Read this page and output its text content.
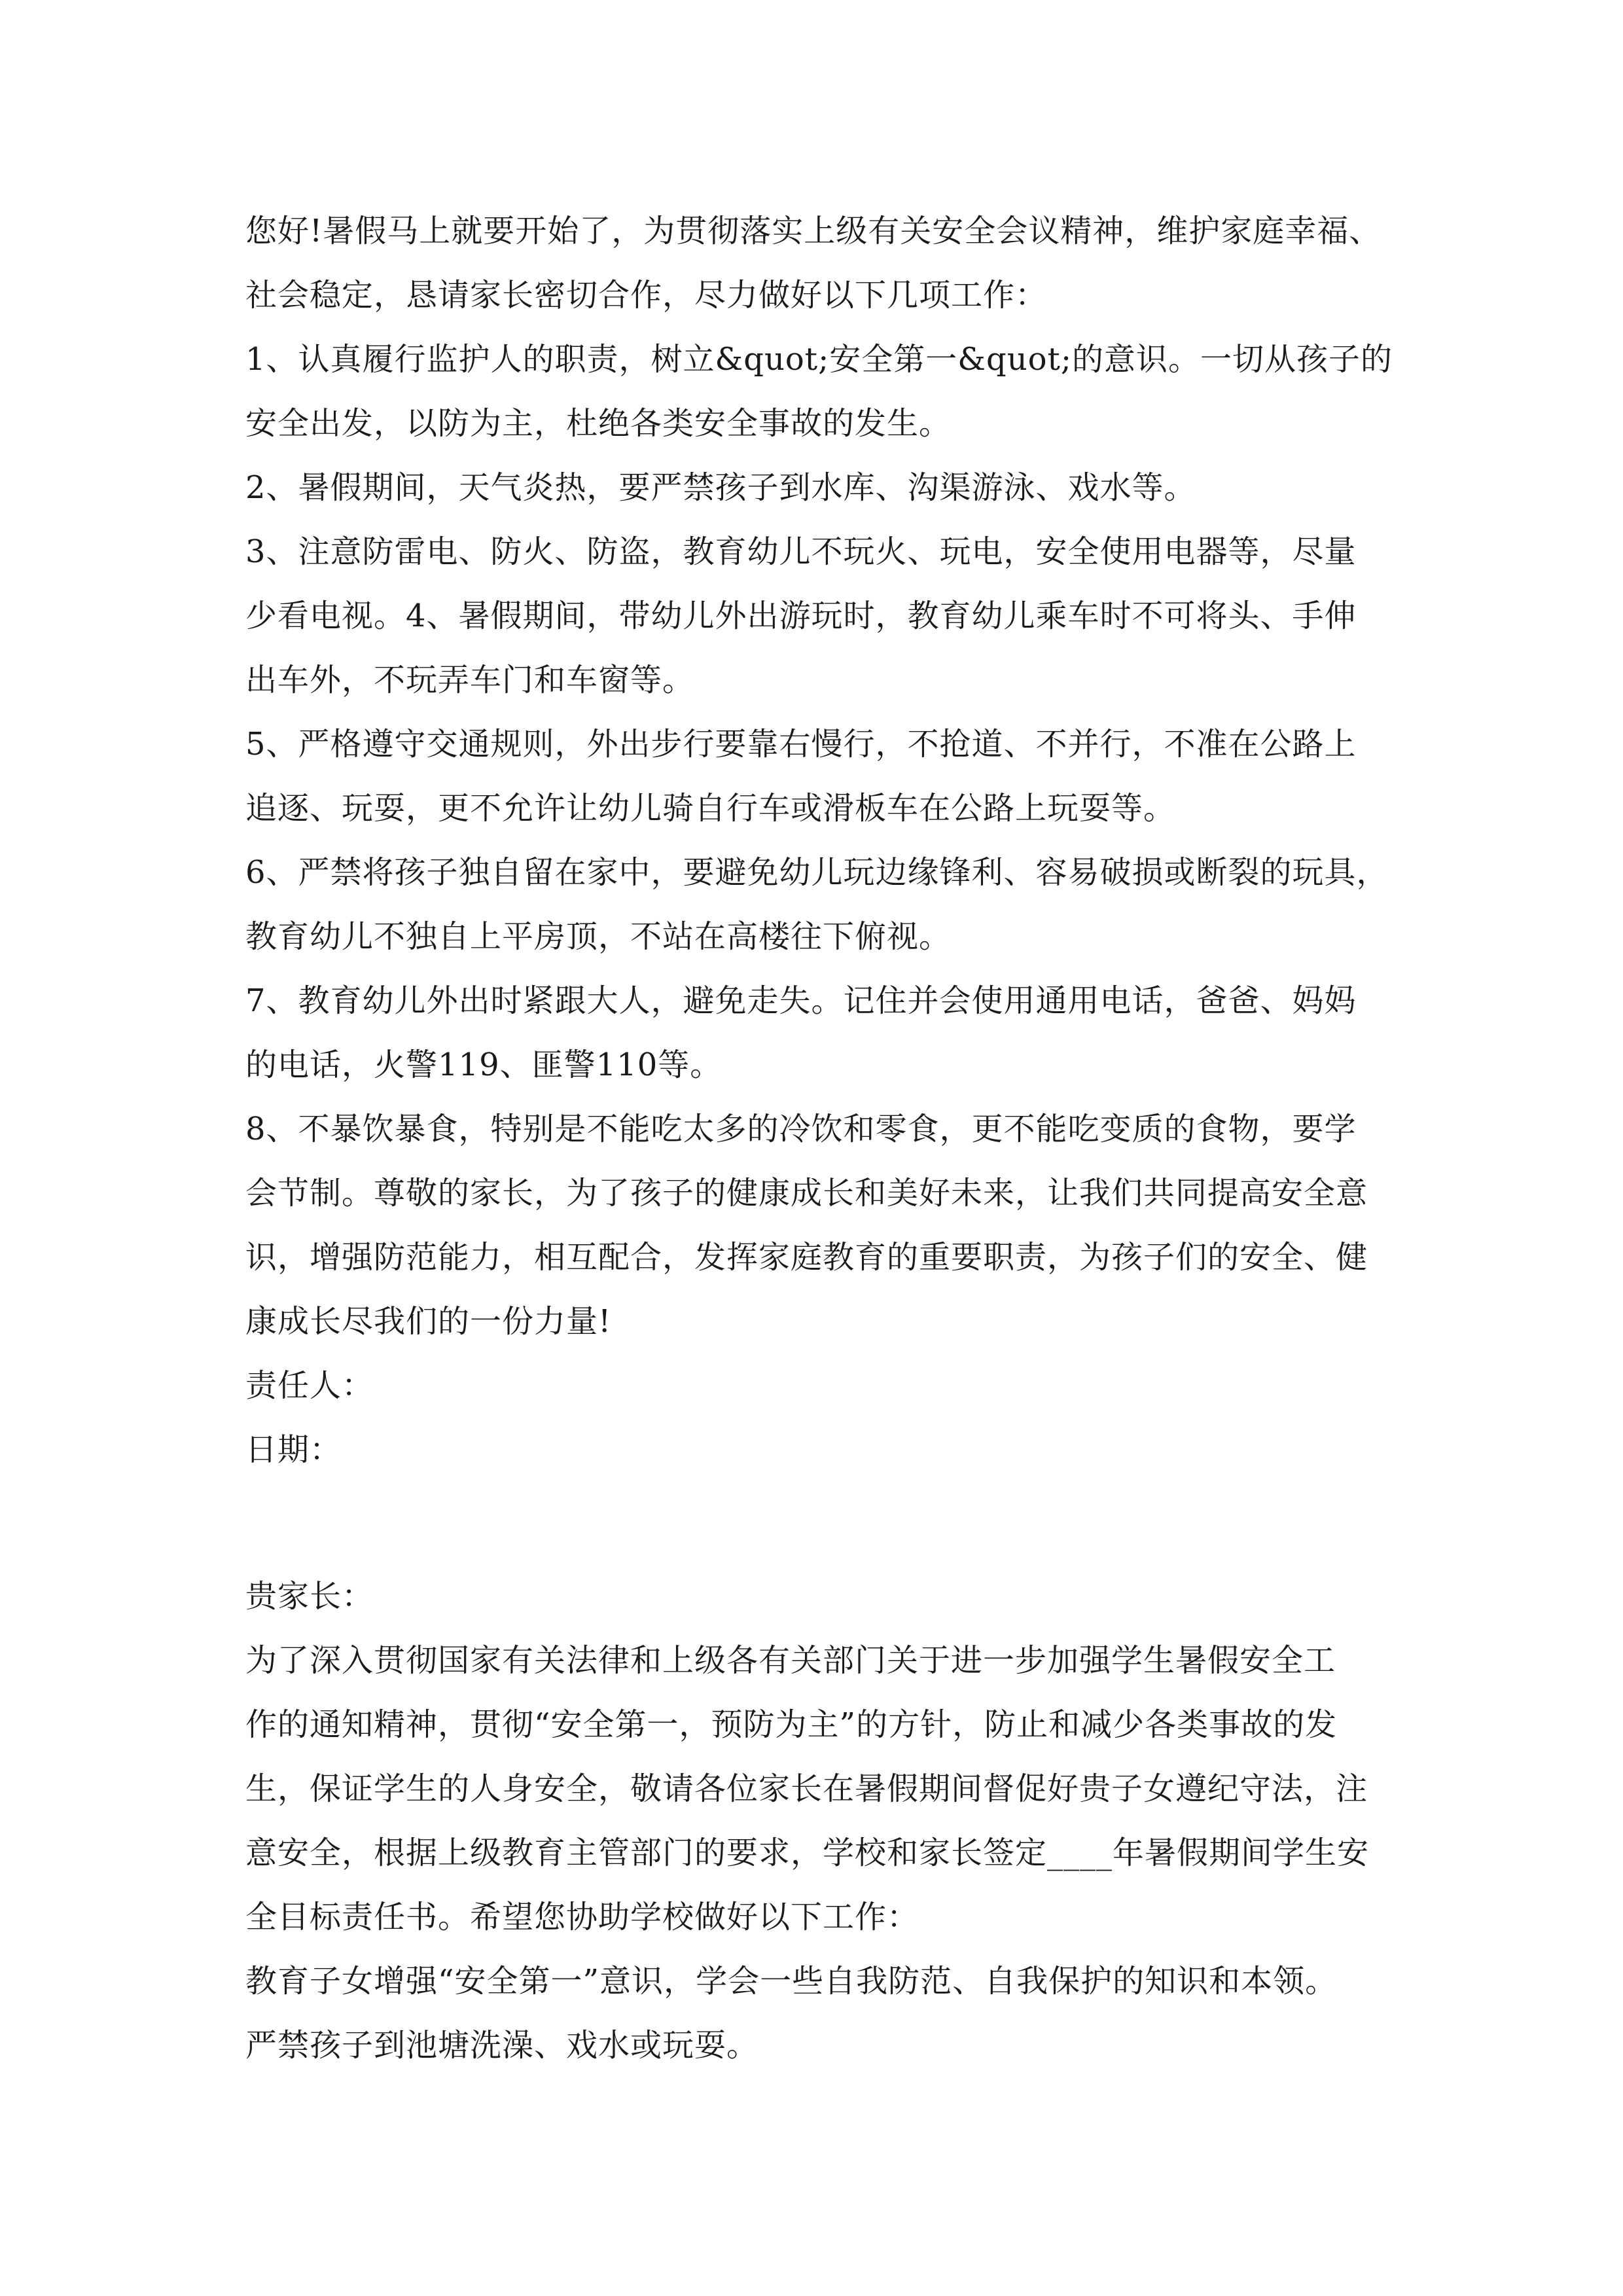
您好!暑假马上就要开始了，为贯彻落实上级有关安全会议精神，维护家庭幸福、
社会稳定，恳请家长密切合作，尽力做好以下几项工作：
1、认真履行监护人的职责，树立&quot;安全第一&quot;的意识。一切从孩子的
安全出发，以防为主，杜绝各类安全事故的发生。
2、暑假期间，天气炎热，要严禁孩子到水库、沟渠游泳、戏水等。
3、注意防雷电、防火、防盗，教育幼儿不玩火、玩电，安全使用电器等，尽量
少看电视。4、暑假期间，带幼儿外出游玩时，教育幼儿乘车时不可将头、手伸
出车外，不玩弄车门和车窗等。
5、严格遵守交通规则，外出步行要靠右慢行，不抢道、不并行，不准在公路上
追逐、玩耍，更不允许让幼儿骑自行车或滑板车在公路上玩耍等。
6、严禁将孩子独自留在家中，要避免幼儿玩边缘锋利、容易破损或断裂的玩具，
教育幼儿不独自上平房顶，不站在高楼往下俯视。
7、教育幼儿外出时紧跟大人，避免走失。记住并会使用通用电话，爸爸、妈妈
的电话，火警119、匪警110等。
8、不暴饮暴食，特别是不能吃太多的冷饮和零食，更不能吃变质的食物，要学
会节制。尊敬的家长，为了孩子的健康成长和美好未来，让我们共同提高安全意
识，增强防范能力，相互配合，发挥家庭教育的重要职责，为孩子们的安全、健
康成长尽我们的一份力量!
责任人：
日期：
贵家长：
为了深入贯彻国家有关法律和上级各有关部门关于进一步加强学生暑假安全工
作的通知精神，贯彻“安全第一，预防为主”的方针，防止和减少各类事故的发
生，保证学生的人身安全，敬请各位家长在暑假期间督促好贵子女遵纪守法，注
意安全，根据上级教育主管部门的要求，学校和家长签定____年暑假期间学生安
全目标责任书。希望您协助学校做好以下工作：
教育子女增强“安全第一”意识，学会一些自我防范、自我保护的知识和本领。
严禁孩子到池塘洗澡、戏水或玩耍。
